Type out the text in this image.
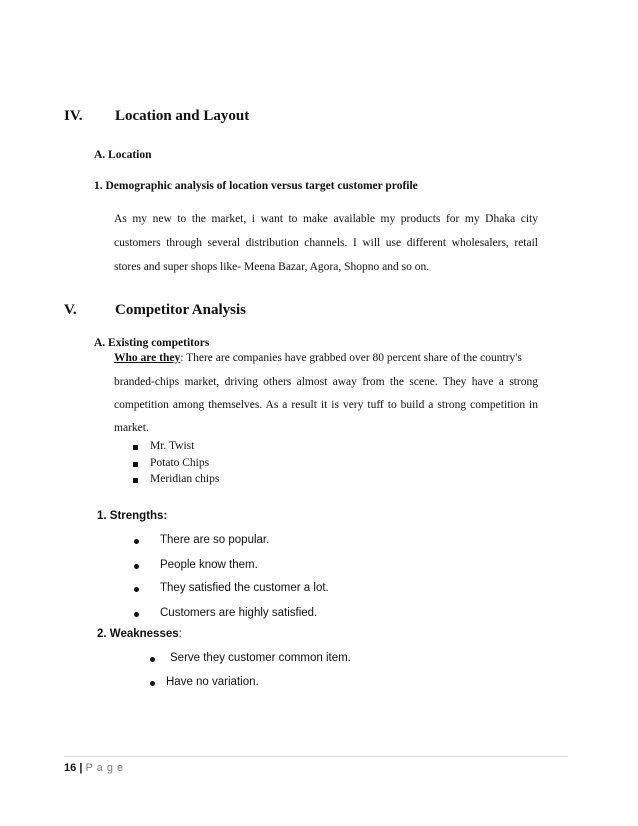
IV. Location and Layout
A. Location
1. Demographic analysis of location versus target customer profile
As my new to the market, i want to make available my products for my Dhaka city
customers through several distribution channels. I will use different wholesalers, retail
stores and super shops like- Meena Bazar, Agora, Shopno and so on.
V.	Competitor Analysis
A. Existing competitors
Who are they: There are companies have grabbed over 80 percent share of the country's
branded-chips market, driving others almost away from the scene. They have a strong
competition among themselves. As a result it is very tuff to build a strong competition in
market.
Mr. Twist
Potato Chips
Meridian chips
1. Strengths:
There are so popular.
People know them.
They satisfied the customer a lot.
Customers are highly satisfied.
2. Weaknesses:
Serve they customer common item.
Have no variation.
16 | P a g e
